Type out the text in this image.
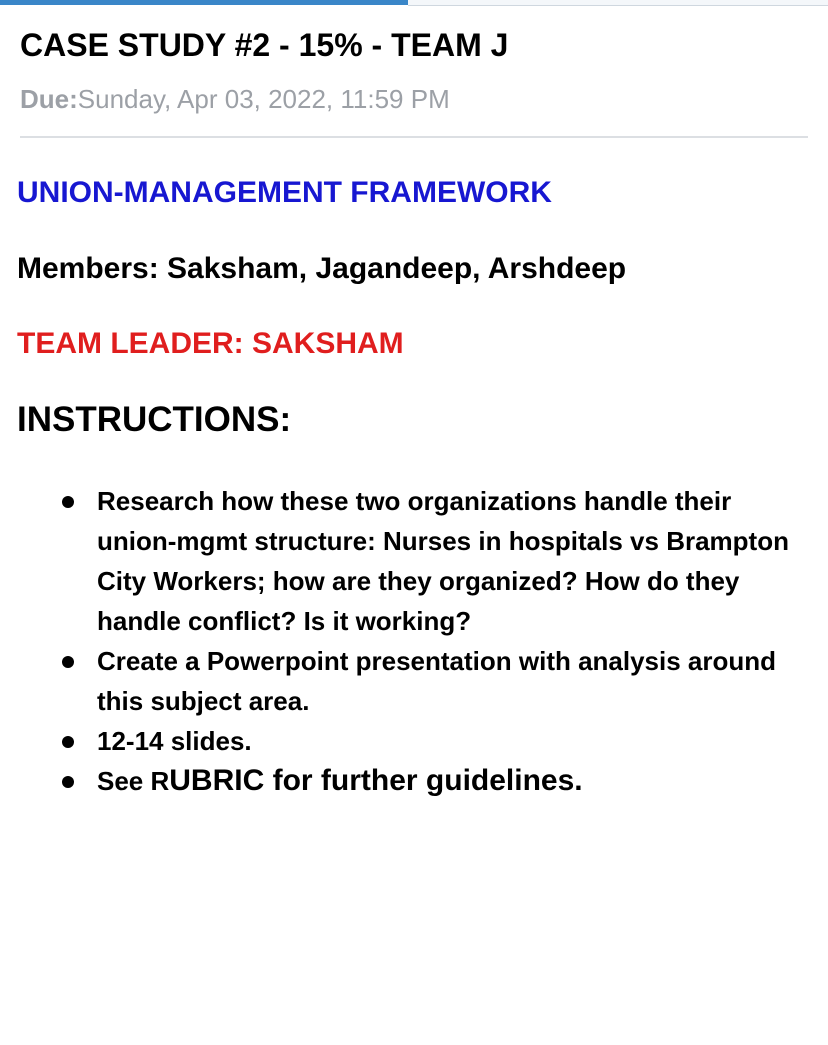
CASE STUDY #2 - 15% - TEAM J
Due:Sunday, Apr 03, 2022, 11:59 PM

UNION-MANAGEMENT FRAMEWORK

Members: Saksham, Jagandeep, Arshdeep
TEAM LEADER: SAKSHAM
INSTRUCTIONS:
Research how these two organizations handle their union-mgmt structure: Nurses in hospitals vs Brampton City Workers; how are they organized? How do they handle conflict? Is it working?
Create a Powerpoint presentation with analysis around this subject area.
12-14 slides.
See RUBRIC for further guidelines.
